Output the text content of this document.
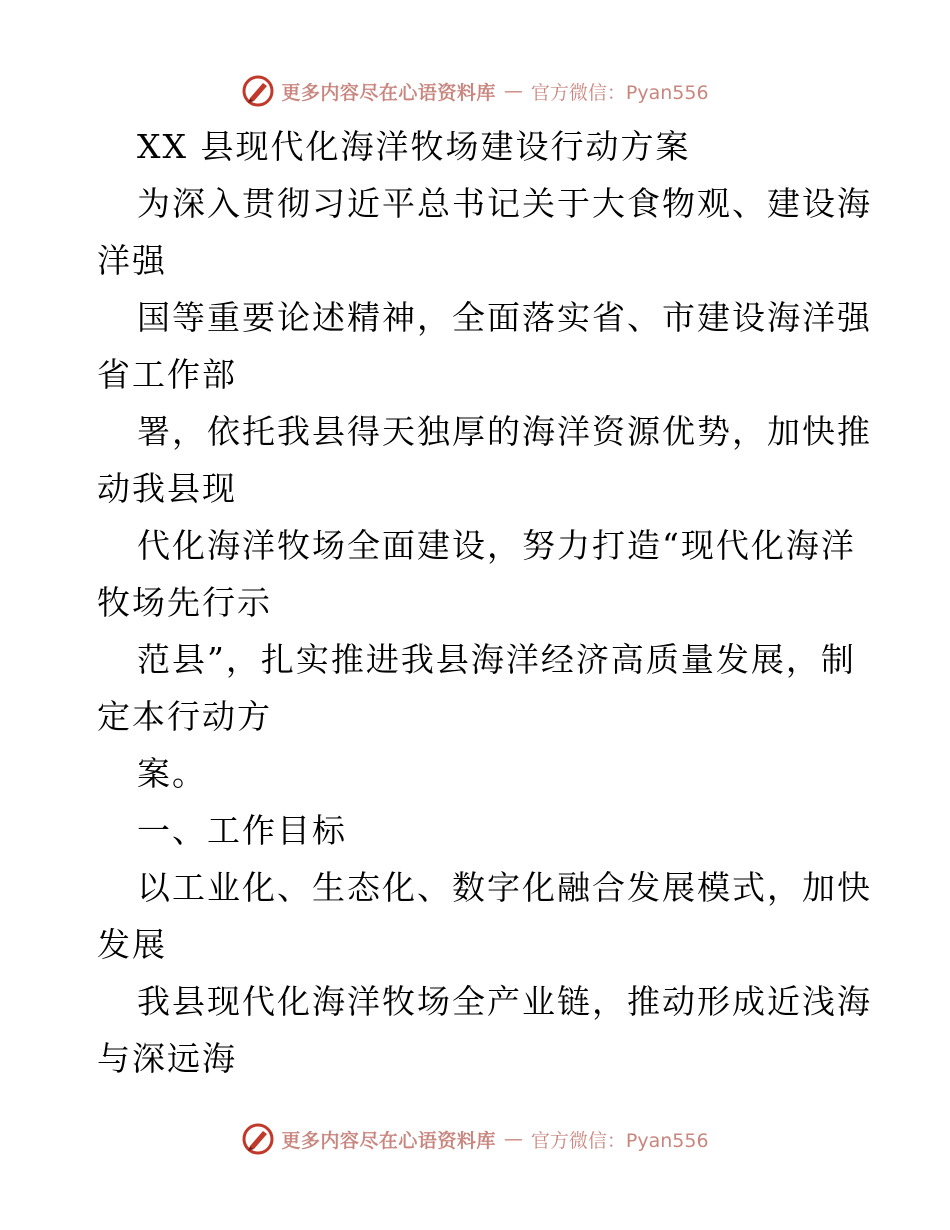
更多内容尽在心语资料库 — 官方微信：Pyan556
XX 县现代化海洋牧场建设行动方案
为深入贯彻习近平总书记关于大食物观、建设海
洋强
国等重要论述精神，全面落实省、市建设海洋强
省工作部
署，依托我县得天独厚的海洋资源优势，加快推
动我县现
代化海洋牧场全面建设，努力打造“现代化海洋
牧场先行示
范县”，扎实推进我县海洋经济高质量发展，制
定本行动方
案。
一、工作目标
以工业化、生态化、数字化融合发展模式，加快
发展
我县现代化海洋牧场全产业链，推动形成近浅海
与深远海
更多内容尽在心语资料库 — 官方微信：Pyan556
